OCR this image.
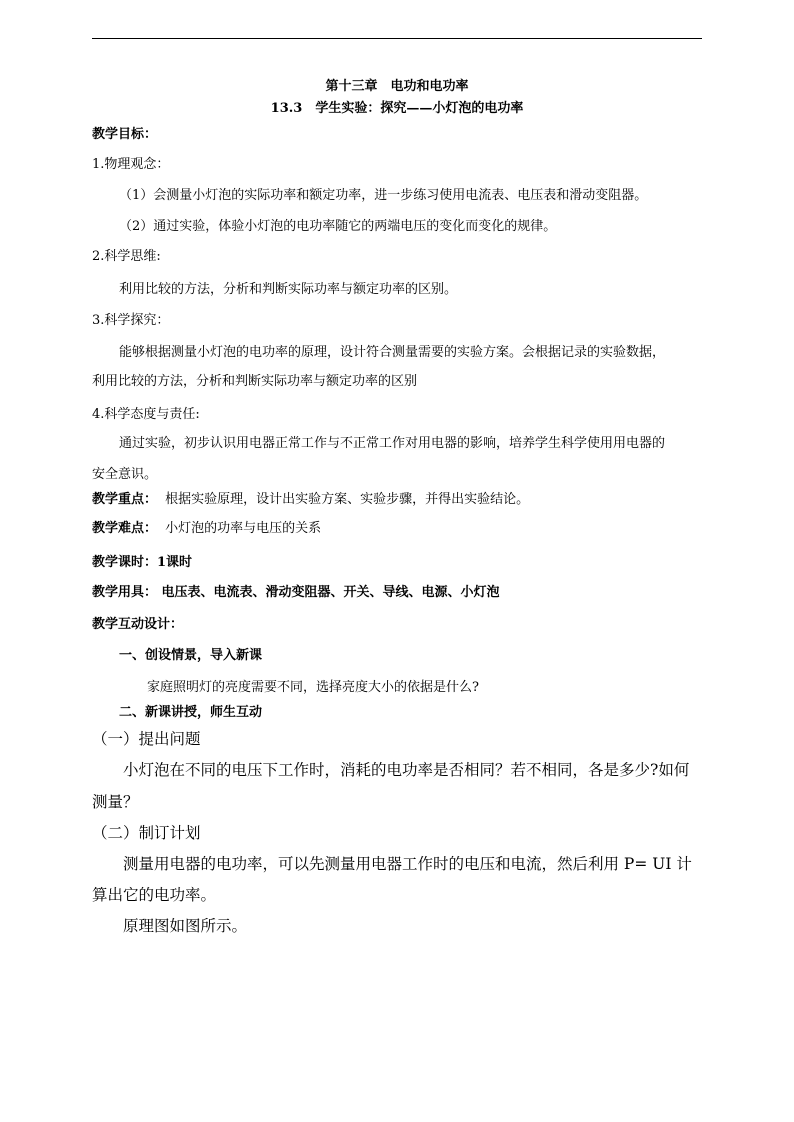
第十三章　电功和电功率
13.3　学生实验：探究——小灯泡的电功率
教学目标：
1.物理观念：
（1）会测量小灯泡的实际功率和额定功率，进一步练习使用电流表、电压表和滑动变阻器。
（2）通过实验，体验小灯泡的电功率随它的两端电压的变化而变化的规律。
2.科学思维:
利用比较的方法，分析和判断实际功率与额定功率的区别。
3.科学探究：
能够根据测量小灯泡的电功率的原理，设计符合测量需要的实验方案。会根据记录的实验数据，
利用比较的方法，分析和判断实际功率与额定功率的区别
4.科学态度与责任:
通过实验，初步认识用电器正常工作与不正常工作对用电器的影响，培养学生科学使用用电器的
安全意识。
教学重点： 根据实验原理，设计出实验方案、实验步骤，并得出实验结论。
教学难点： 小灯泡的功率与电压的关系
教学课时：1课时
教学用具： 电压表、电流表、滑动变阻器、开关、导线、电源、小灯泡
教学互动设计：
一、创设情景，导入新课
家庭照明灯的亮度需要不同，选择亮度大小的依据是什么?
二、新课讲授，师生互动
（一）提出问题
小灯泡在不同的电压下工作时，消耗的电功率是否相同？若不相同，各是多少?如何
测量？
（二）制订计划
测量用电器的电功率，可以先测量用电器工作时的电压和电流，然后利用 P= UI 计
算出它的电功率。
原理图如图所示。
